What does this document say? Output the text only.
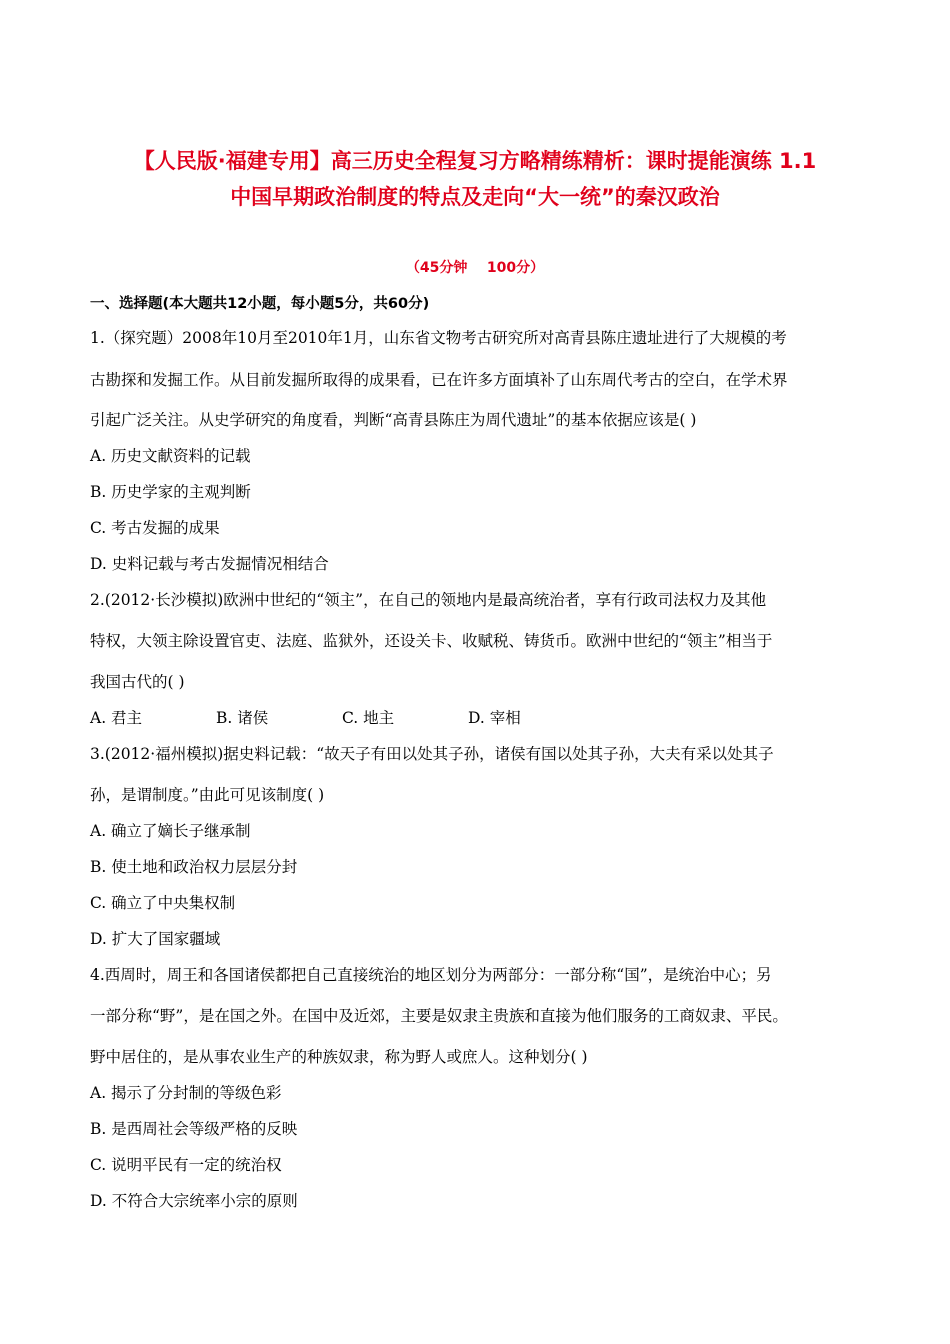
【人民版·福建专用】高三历史全程复习方略精练精析：课时提能演练 1.1
中国早期政治制度的特点及走向“大一统”的秦汉政治
（45分钟    100分）
一、选择题(本大题共12小题，每小题5分，共60分)
1.（探究题）2008年10月至2010年1月，山东省文物考古研究所对高青县陈庄遗址进行了大规模的考
古勘探和发掘工作。从目前发掘所取得的成果看，已在许多方面填补了山东周代考古的空白，在学术界
引起广泛关注。从史学研究的角度看，判断“高青县陈庄为周代遗址”的基本依据应该是( )
A. 历史文献资料的记载
B. 历史学家的主观判断
C. 考古发掘的成果
D. 史料记载与考古发掘情况相结合
2.(2012·长沙模拟)欧洲中世纪的“领主”，在自己的领地内是最高统治者，享有行政司法权力及其他
特权，大领主除设置官吏、法庭、监狱外，还设关卡、收赋税、铸货币。欧洲中世纪的“领主”相当于
我国古代的( )
A. 君主	B. 诸侯	C. 地主	D. 宰相
3.(2012·福州模拟)据史料记载：“故天子有田以处其子孙，诸侯有国以处其子孙，大夫有采以处其子
孙，是谓制度。”由此可见该制度( )
A. 确立了嫡长子继承制
B. 使土地和政治权力层层分封
C. 确立了中央集权制
D. 扩大了国家疆域
4.西周时，周王和各国诸侯都把自己直接统治的地区划分为两部分：一部分称“国”，是统治中心；另
一部分称“野”，是在国之外。在国中及近郊，主要是奴隶主贵族和直接为他们服务的工商奴隶、平民。
野中居住的，是从事农业生产的种族奴隶，称为野人或庶人。这种划分( )
A. 揭示了分封制的等级色彩
B. 是西周社会等级严格的反映
C. 说明平民有一定的统治权
D. 不符合大宗统率小宗的原则
